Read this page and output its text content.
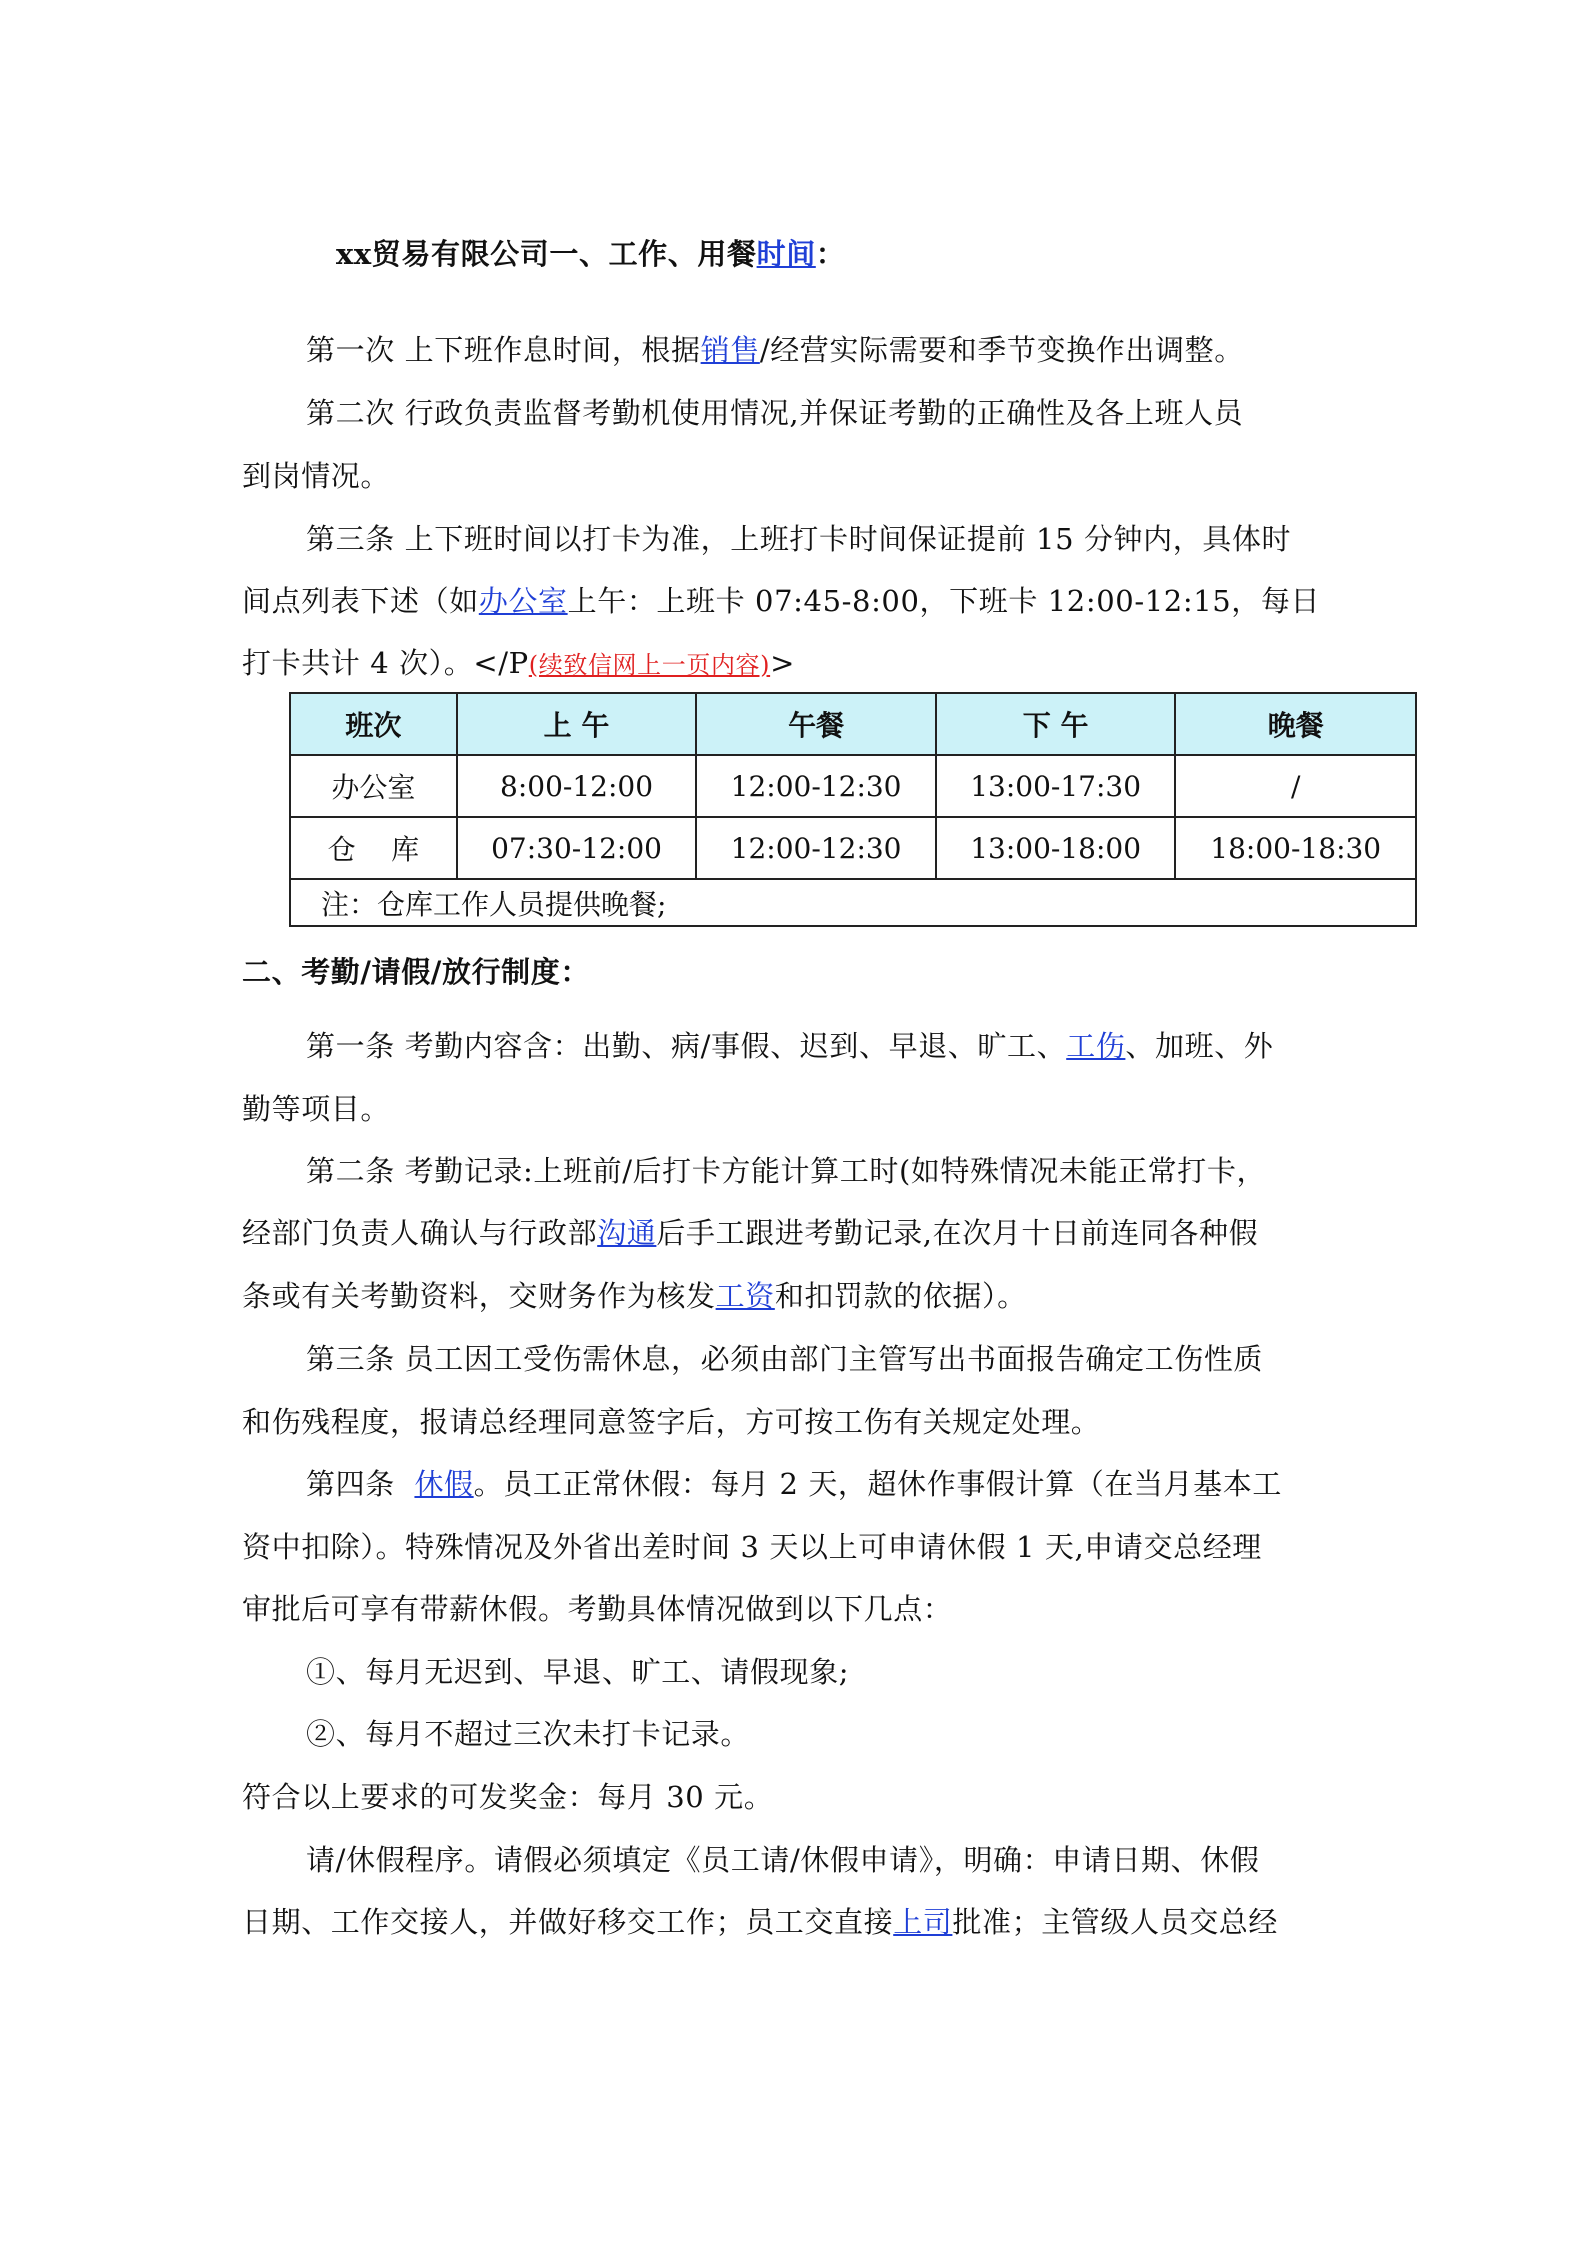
xx贸易有限公司一、工作、用餐时间：
第一次 上下班作息时间，根据销售/经营实际需要和季节变换作出调整。
第二次 行政负责监督考勤机使用情况,并保证考勤的正确性及各上班人员
到岗情况。
第三条 上下班时间以打卡为准，上班打卡时间保证提前 15 分钟内，具体时
间点列表下述（如办公室上午：上班卡 07:45-8:00，下班卡 12:00-12:15，每日
打卡共计 4 次）。</P(续致信网上一页内容)>
班次	上 午	午餐	下 午	晚餐
办公室	8:00-12:00	12:00-12:30	13:00-17:30	/
仓    库	07:30-12:00	12:00-12:30	13:00-18:00	18:00-18:30
注：仓库工作人员提供晚餐;				
二、考勤/请假/放行制度：
第一条 考勤内容含：出勤、病/事假、迟到、早退、旷工、工伤、加班、外
勤等项目。
第二条 考勤记录:上班前/后打卡方能计算工时(如特殊情况未能正常打卡，
经部门负责人确认与行政部沟通后手工跟进考勤记录,在次月十日前连同各种假
条或有关考勤资料，交财务作为核发工资和扣罚款的依据）。
第三条 员工因工受伤需休息，必须由部门主管写出书面报告确定工伤性质
和伤残程度，报请总经理同意签字后，方可按工伤有关规定处理。
第四条  休假。员工正常休假：每月 2 天，超休作事假计算（在当月基本工
资中扣除）。特殊情况及外省出差时间 3 天以上可申请休假 1 天,申请交总经理
审批后可享有带薪休假。考勤具体情况做到以下几点：
①、每月无迟到、早退、旷工、请假现象;
②、每月不超过三次未打卡记录。
符合以上要求的可发奖金：每月 30 元。
请/休假程序。请假必须填定《员工请/休假申请》，明确：申请日期、休假
日期、工作交接人，并做好移交工作；员工交直接上司批准；主管级人员交总经
